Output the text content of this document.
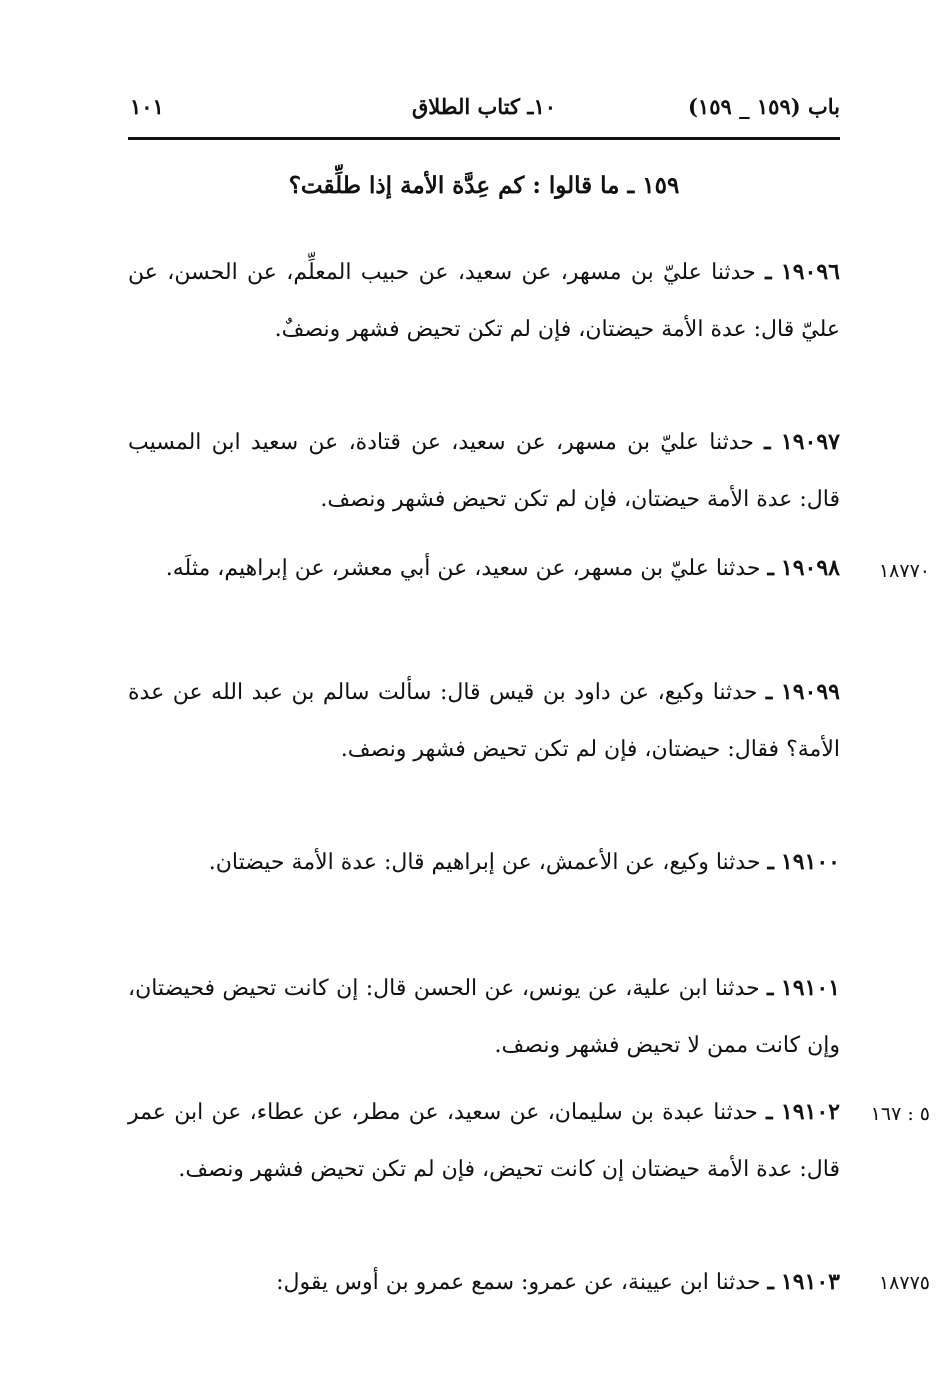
باب (١٥٩ _ ١٥٩)
١٠ـ كتاب الطلاق
١٠١
١٥٩ ـ ما قالوا : كم عِدَّة الأمة إذا طلِّقت؟
١٩٠٩٦ ـ حدثنا عليّ بن مسهر، عن سعيد، عن حبيب المعلِّم، عن الحسن، عن عليّ قال: عدة الأمة حيضتان، فإن لم تكن تحيض فشهر ونصفٌ.
١٩٠٩٧ ـ حدثنا عليّ بن مسهر، عن سعيد، عن قتادة، عن سعيد ابن المسيب قال: عدة الأمة حيضتان، فإن لم تكن تحيض فشهر ونصف.
١٨٧٧٠
١٩٠٩٨ ـ حدثنا عليّ بن مسهر، عن سعيد، عن أبي معشر، عن إبراهيم، مثلَه.
١٩٠٩٩ ـ حدثنا وكيع، عن داود بن قيس قال: سألت سالم بن عبد الله عن عدة الأمة؟ فقال: حيضتان، فإن لم تكن تحيض فشهر ونصف.
١٩١٠٠ ـ حدثنا وكيع، عن الأعمش، عن إبراهيم قال: عدة الأمة حيضتان.
١٩١٠١ ـ حدثنا ابن علية، عن يونس، عن الحسن قال: إن كانت تحيض فحيضتان، وإن كانت ممن لا تحيض فشهر ونصف.
٥ : ١٦٧
١٩١٠٢ ـ حدثنا عبدة بن سليمان، عن سعيد، عن مطر، عن عطاء، عن ابن عمر قال: عدة الأمة حيضتان إن كانت تحيض، فإن لم تكن تحيض فشهر ونصف.
١٨٧٧٥
١٩١٠٣ ـ حدثنا ابن عيينة، عن عمرو: سمع عمرو بن أوس يقول:
